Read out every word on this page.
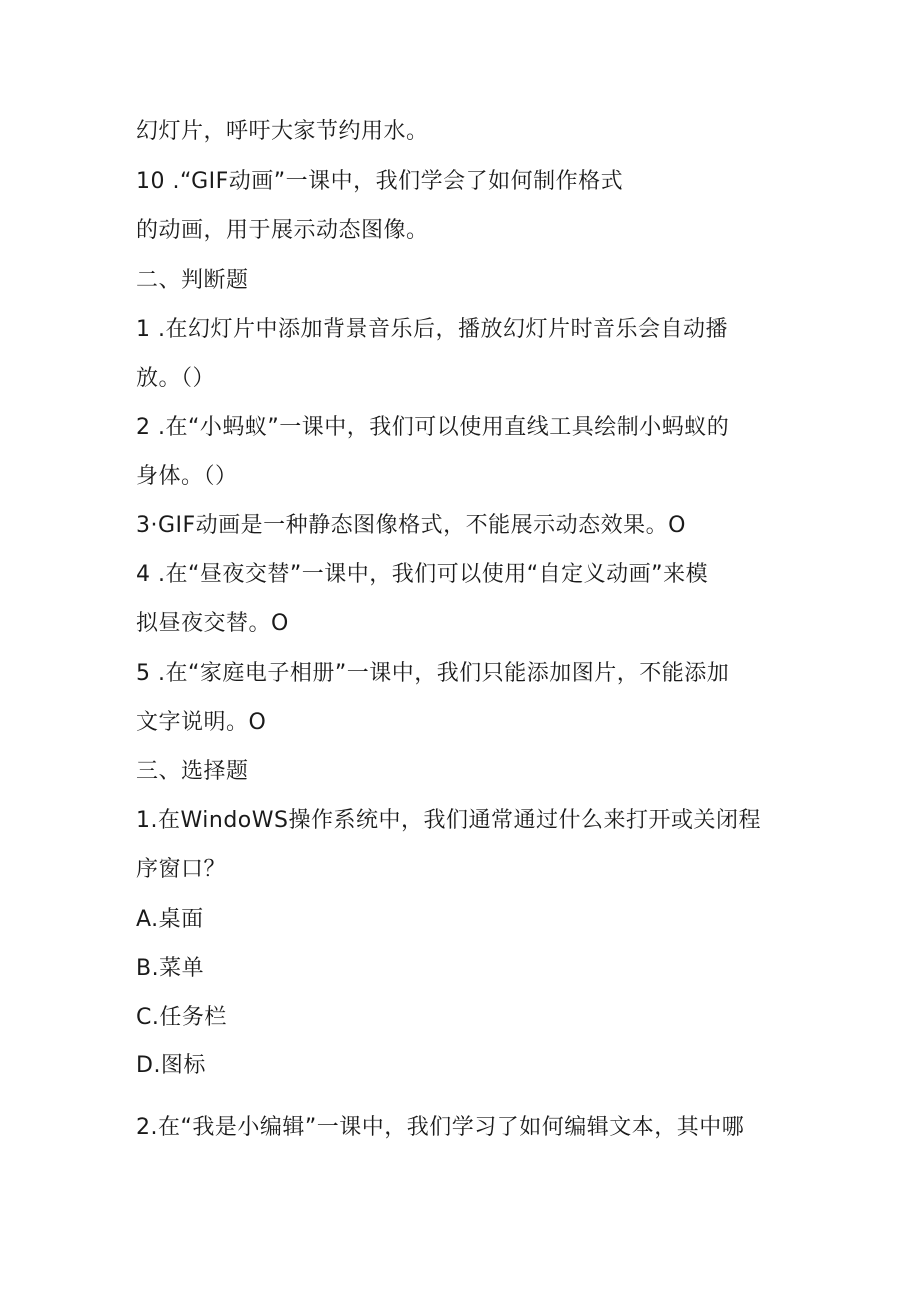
幻灯片，呼吁大家节约用水。
10 .“GIF动画”一课中，我们学会了如何制作格式
的动画，用于展示动态图像。
二、判断题
1 .在幻灯片中添加背景音乐后，播放幻灯片时音乐会自动播
放。（）
2 .在“小蚂蚁”一课中，我们可以使用直线工具绘制小蚂蚁的
身体。（）
3·GIF动画是一种静态图像格式，不能展示动态效果。O
4 .在“昼夜交替”一课中，我们可以使用“自定义动画”来模
拟昼夜交替。O
5 .在“家庭电子相册”一课中，我们只能添加图片，不能添加
文字说明。O
三、选择题
1.在WindoWS操作系统中，我们通常通过什么来打开或关闭程
序窗口？
A.桌面
B.菜单
C.任务栏
D.图标
2.在“我是小编辑”一课中，我们学习了如何编辑文本，其中哪
